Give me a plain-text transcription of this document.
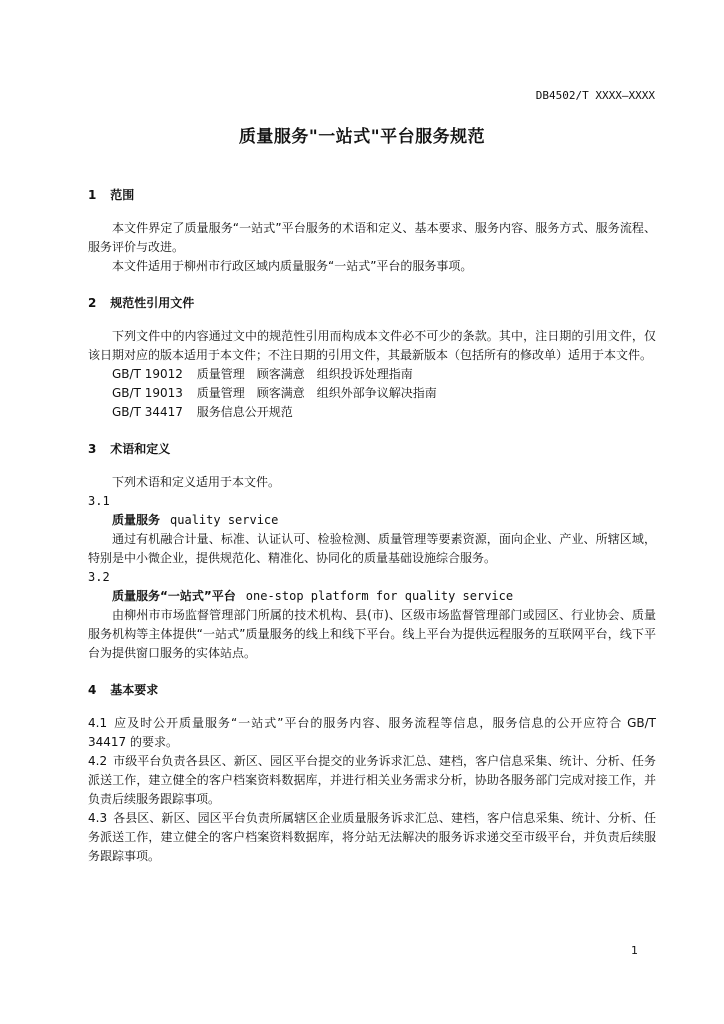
DB4502/T XXXX—XXXX
质量服务"一站式"平台服务规范
1 范围
本文件界定了质量服务“一站式”平台服务的术语和定义、基本要求、服务内容、服务方式、服务流程、服务评价与改进。
本文件适用于柳州市行政区域内质量服务“一站式”平台的服务事项。
2 规范性引用文件
下列文件中的内容通过文中的规范性引用而构成本文件必不可少的条款。其中，注日期的引用文件，仅该日期对应的版本适用于本文件；不注日期的引用文件，其最新版本（包括所有的修改单）适用于本文件。
GB/T 19012 质量管理　顾客满意　组织投诉处理指南
GB/T 19013 质量管理　顾客满意　组织外部争议解决指南
GB/T 34417 服务信息公开规范
3 术语和定义
下列术语和定义适用于本文件。
3.1
质量服务 quality service
通过有机融合计量、标准、认证认可、检验检测、质量管理等要素资源，面向企业、产业、所辖区域，特别是中小微企业，提供规范化、精准化、协同化的质量基础设施综合服务。
3.2
质量服务“一站式”平台 one-stop platform for quality service
由柳州市市场监督管理部门所属的技术机构、县(市)、区级市场监督管理部门或园区、行业协会、质量服务机构等主体提供“一站式”质量服务的线上和线下平台。线上平台为提供远程服务的互联网平台，线下平台为提供窗口服务的实体站点。
4 基本要求
4.1 应及时公开质量服务“一站式”平台的服务内容、服务流程等信息，服务信息的公开应符合 GB/T 34417 的要求。
4.2 市级平台负责各县区、新区、园区平台提交的业务诉求汇总、建档，客户信息采集、统计、分析、任务派送工作，建立健全的客户档案资料数据库，并进行相关业务需求分析，协助各服务部门完成对接工作，并负责后续服务跟踪事项。
4.3 各县区、新区、园区平台负责所属辖区企业质量服务诉求汇总、建档，客户信息采集、统计、分析、任务派送工作，建立健全的客户档案资料数据库，将分站无法解决的服务诉求递交至市级平台，并负责后续服务跟踪事项。
1
